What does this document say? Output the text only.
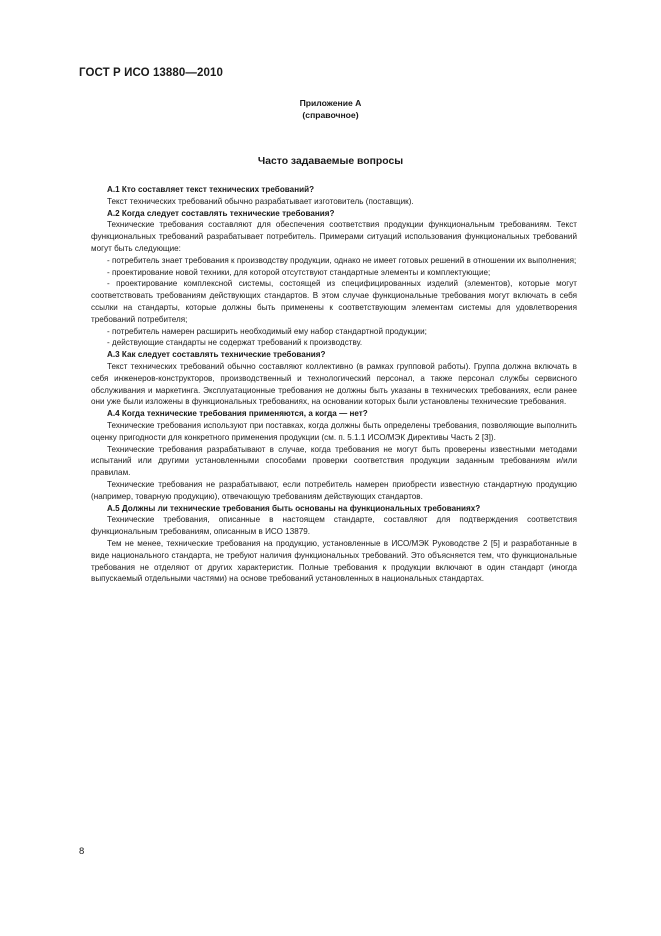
ГОСТ Р ИСО 13880—2010
Приложение А
(справочное)
Часто задаваемые вопросы
А.1 Кто составляет текст технических требований?

Текст технических требований обычно разрабатывает изготовитель (поставщик).

А.2 Когда следует составлять технические требования?

Технические требования составляют для обеспечения соответствия продукции функциональным требованиям. Текст функциональных требований разрабатывает потребитель. Примерами ситуаций использования функциональных требований могут быть следующие:

- потребитель знает требования к производству продукции, однако не имеет готовых решений в отношении их выполнения;

- проектирование новой техники, для которой отсутствуют стандартные элементы и комплектующие;

- проектирование комплексной системы, состоящей из специфицированных изделий (элементов), которые могут соответствовать требованиям действующих стандартов. В этом случае функциональные требования могут включать в себя ссылки на стандарты, которые должны быть применены к соответствующим элементам системы для удовлетворения требований потребителя;

- потребитель намерен расширить необходимый ему набор стандартной продукции;

- действующие стандарты не содержат требований к производству.

А.3 Как следует составлять технические требования?

Текст технических требований обычно составляют коллективно (в рамках групповой работы). Группа должна включать в себя инженеров-конструкторов, производственный и технологический персонал, а также персонал службы сервисного обслуживания и маркетинга. Эксплуатационные требования не должны быть указаны в технических требованиях, если ранее они уже были изложены в функциональных требованиях, на основании которых были установлены технические требования.

А.4 Когда технические требования применяются, а когда — нет?

Технические требования используют при поставках, когда должны быть определены требования, позволяющие выполнить оценку пригодности для конкретного применения продукции (см. п. 5.1.1 ИСО/МЭК Директивы Часть 2 [3]).

Технические требования разрабатывают в случае, когда требования не могут быть проверены известными методами испытаний или другими установленными способами проверки соответствия продукции заданным требованиям и/или правилам.

Технические требования не разрабатывают, если потребитель намерен приобрести известную стандартную продукцию (например, товарную продукцию), отвечающую требованиям действующих стандартов.

А.5 Должны ли технические требования быть основаны на функциональных требованиях?

Технические требования, описанные в настоящем стандарте, составляют для подтверждения соответствия функциональным требованиям, описанным в ИСО 13879.

Тем не менее, технические требования на продукцию, установленные в ИСО/МЭК Руководстве 2 [5] и разработанные в виде национального стандарта, не требуют наличия функциональных требований. Это объясняется тем, что функциональные требования не отделяют от других характеристик. Полные требования к продукции включают в один стандарт (иногда выпускаемый отдельными частями) на основе требований установленных в национальных стандартах.

8
